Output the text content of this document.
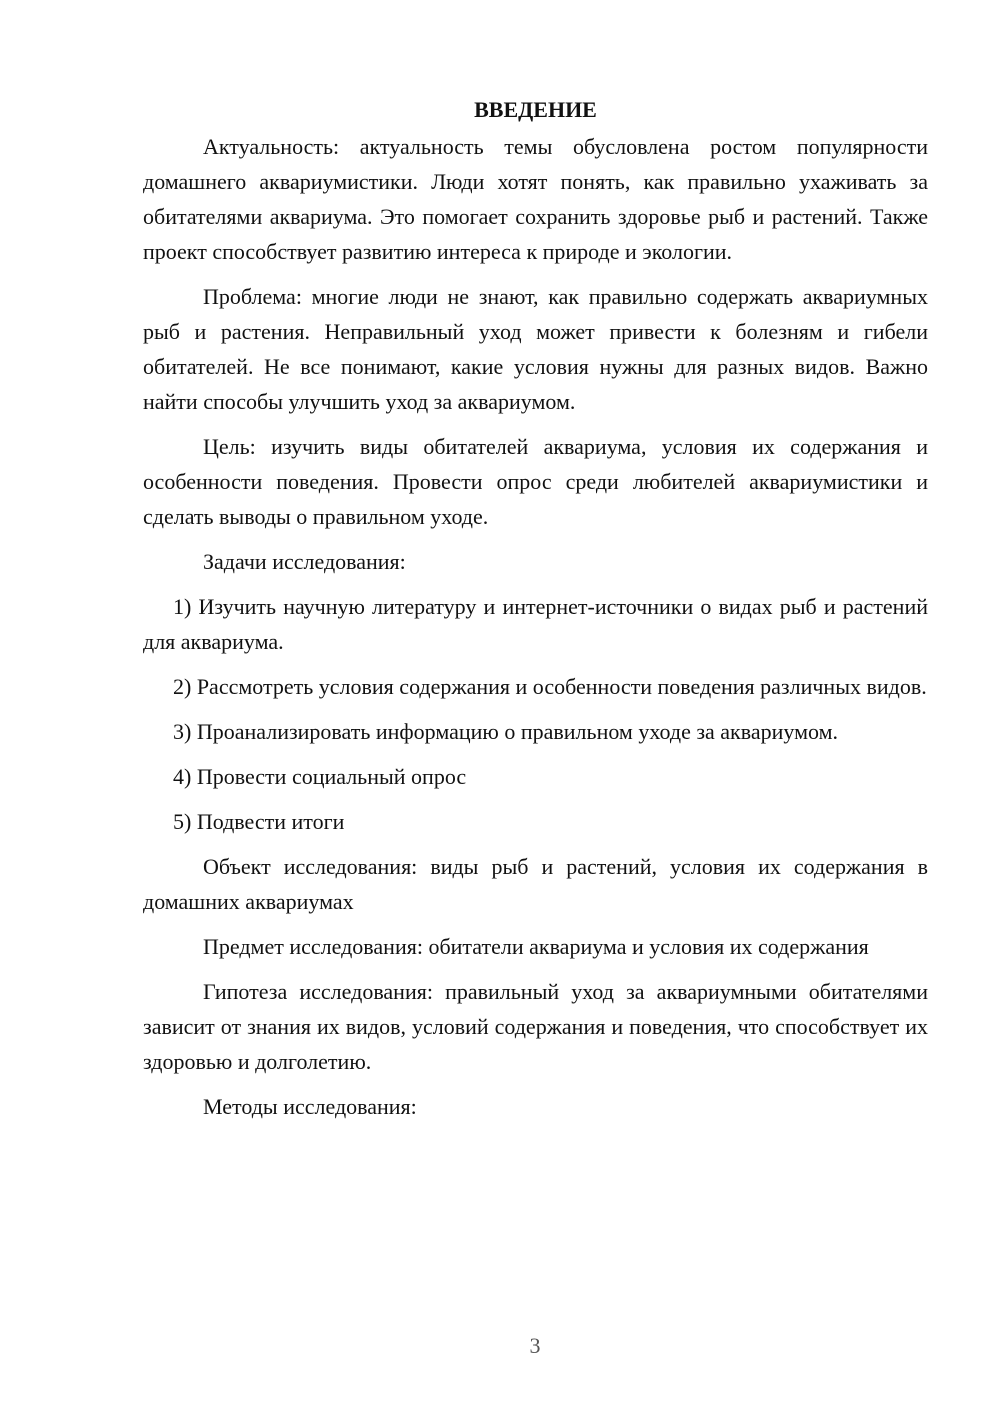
ВВЕДЕНИЕ

Актуальность: актуальность темы обусловлена ростом популярности домашнего аквариумистики. Люди хотят понять, как правильно ухаживать за обитателями аквариума. Это помогает сохранить здоровье рыб и растений. Также проект способствует развитию интереса к природе и экологии.

Проблема: многие люди не знают, как правильно содержать аквариумных рыб и растения. Неправильный уход может привести к болезням и гибели обитателей. Не все понимают, какие условия нужны для разных видов. Важно найти способы улучшить уход за аквариумом.

Цель: изучить виды обитателей аквариума, условия их содержания и особенности поведения. Провести опрос среди любителей аквариумистики и сделать выводы о правильном уходе.

Задачи исследования:

1) Изучить научную литературу и интернет-источники о видах рыб и растений для аквариума.

2) Рассмотреть условия содержания и особенности поведения различных видов.

3) Проанализировать информацию о правильном уходе за аквариумом.

4) Провести социальный опрос

5) Подвести итоги

Объект исследования: виды рыб и растений, условия их содержания в домашних аквариумах

Предмет исследования: обитатели аквариума и условия их содержания

Гипотеза исследования: правильный уход за аквариумными обитателями зависит от знания их видов, условий содержания и поведения, что способствует их здоровью и долголетию.

Методы исследования:

3
